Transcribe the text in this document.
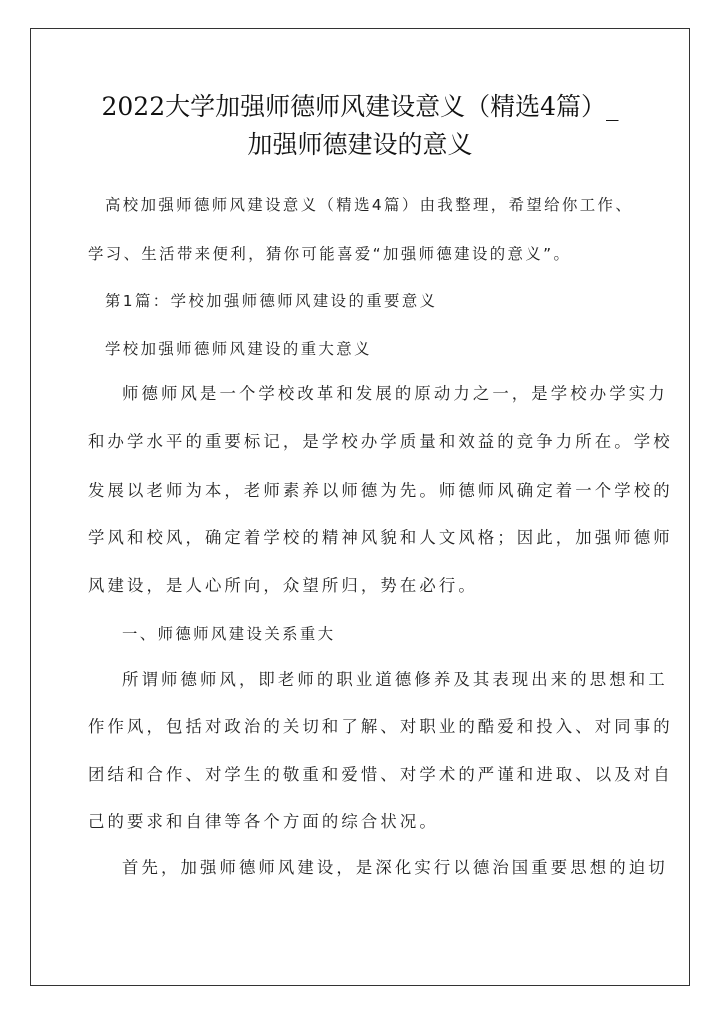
2022大学加强师德师风建设意义（精选4篇）_
加强师德建设的意义
高校加强师德师风建设意义（精选4篇）由我整理，希望给你工作、
学习、生活带来便利，猜你可能喜爱“加强师德建设的意义”。
第1篇：学校加强师德师风建设的重要意义
学校加强师德师风建设的重大意义
师德师风是一个学校改革和发展的原动力之一，是学校办学实力
和办学水平的重要标记，是学校办学质量和效益的竞争力所在。学校
发展以老师为本，老师素养以师德为先。师德师风确定着一个学校的
学风和校风，确定着学校的精神风貌和人文风格；因此，加强师德师
风建设，是人心所向，众望所归，势在必行。
一、师德师风建设关系重大
所谓师德师风，即老师的职业道德修养及其表现出来的思想和工
作作风，包括对政治的关切和了解、对职业的酷爱和投入、对同事的
团结和合作、对学生的敬重和爱惜、对学术的严谨和进取、以及对自
己的要求和自律等各个方面的综合状况。
首先，加强师德师风建设，是深化实行以德治国重要思想的迫切
